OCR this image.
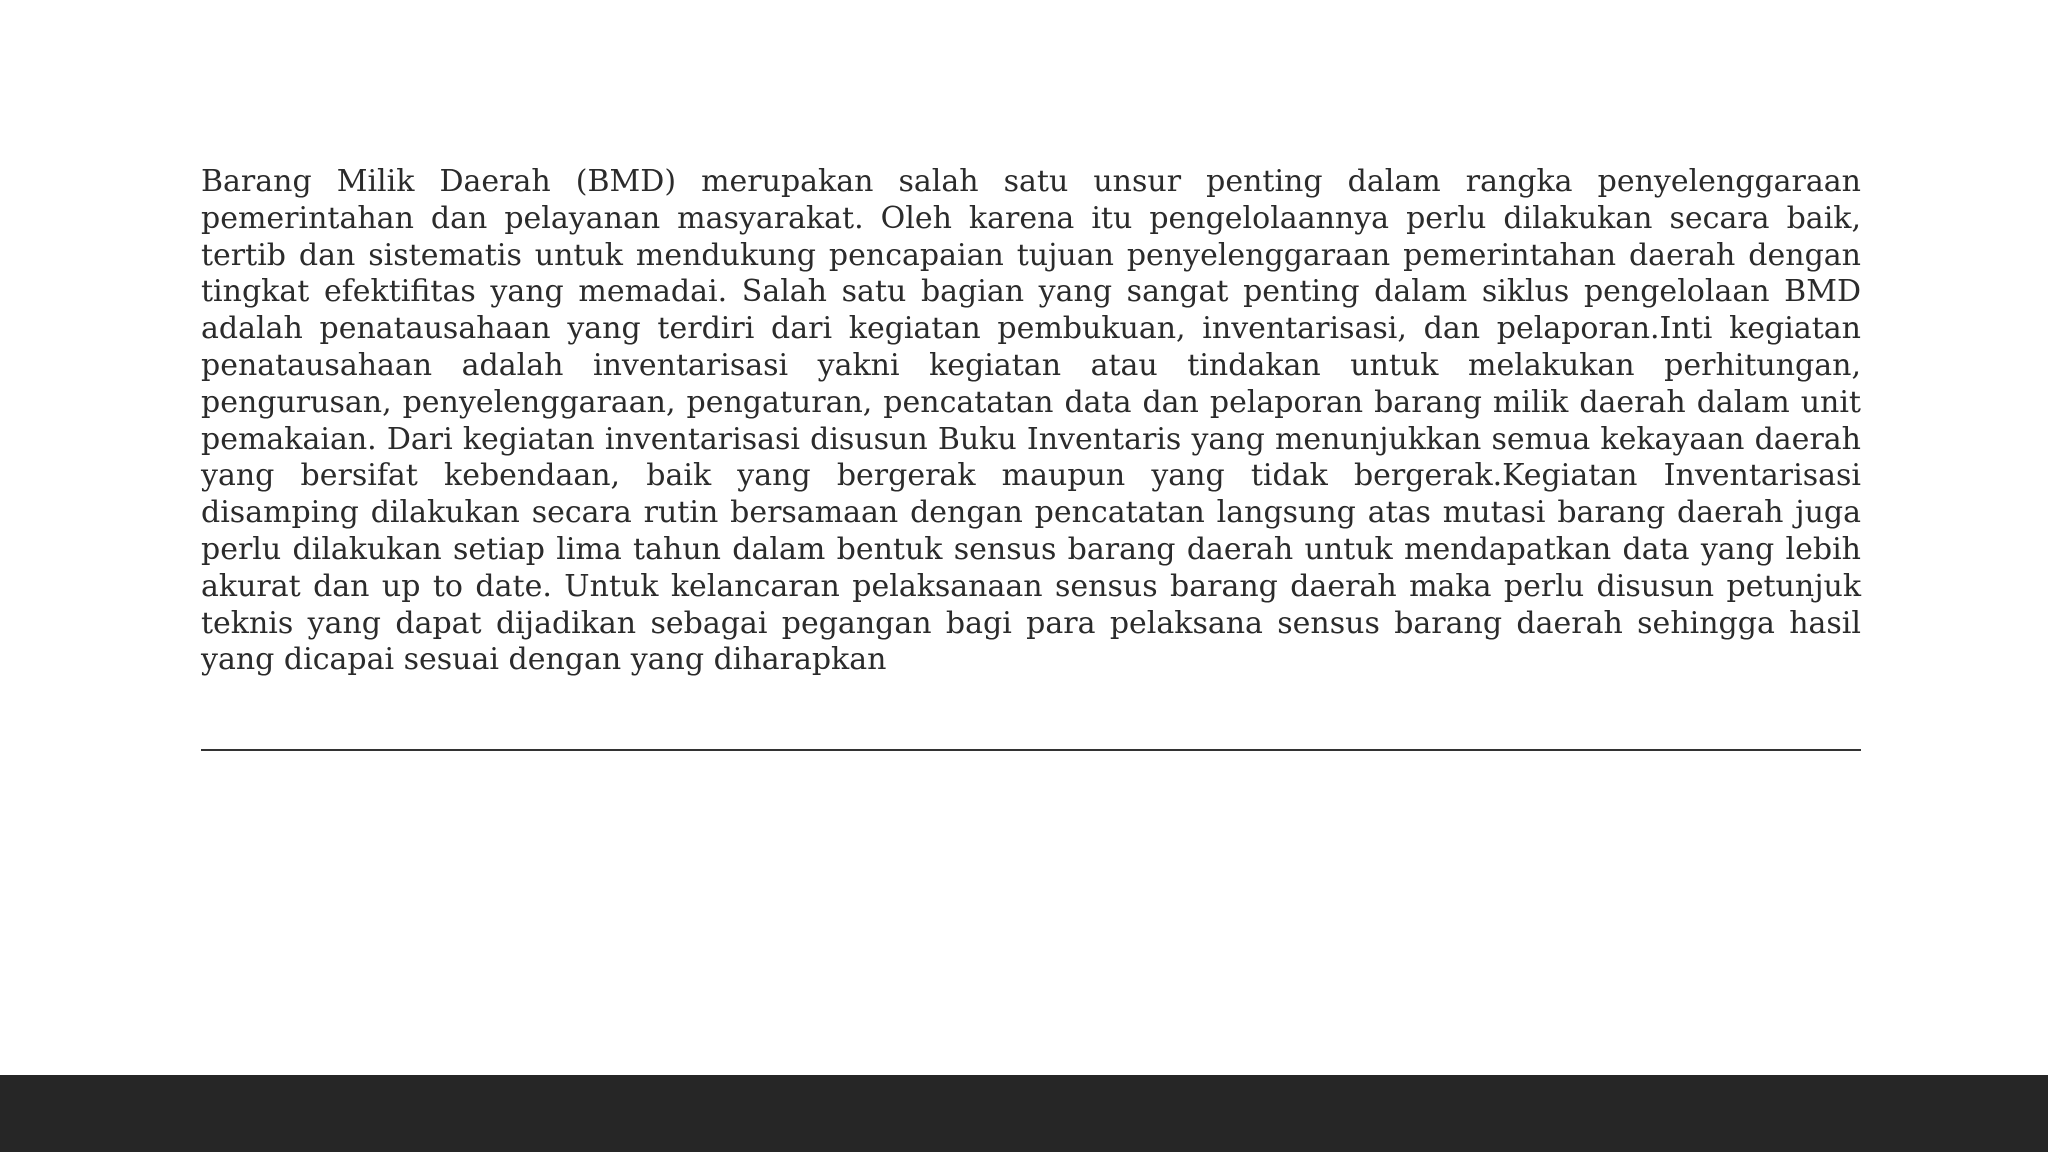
Barang Milik Daerah (BMD) merupakan salah satu unsur penting dalam rangka penyelenggaraan pemerintahan dan pelayanan masyarakat. Oleh karena itu pengelolaannya perlu dilakukan secara baik, tertib dan sistematis untuk mendukung pencapaian tujuan penyelenggaraan pemerintahan daerah dengan tingkat efektifitas yang memadai. Salah satu bagian yang sangat penting dalam siklus pengelolaan BMD adalah penatausahaan yang terdiri dari kegiatan pembukuan, inventarisasi, dan pelaporan.Inti kegiatan penatausahaan adalah inventarisasi yakni kegiatan atau tindakan untuk melakukan perhitungan, pengurusan, penyelenggaraan, pengaturan, pencatatan data dan pelaporan barang milik daerah dalam unit pemakaian. Dari kegiatan inventarisasi disusun Buku Inventaris yang menunjukkan semua kekayaan daerah yang bersifat kebendaan, baik yang bergerak maupun yang tidak bergerak.Kegiatan Inventarisasi disamping dilakukan secara rutin bersamaan dengan pencatatan langsung atas mutasi barang daerah juga perlu dilakukan setiap lima tahun dalam bentuk sensus barang daerah untuk mendapatkan data yang lebih akurat dan up to date. Untuk kelancaran pelaksanaan sensus barang daerah maka perlu disusun petunjuk teknis yang dapat dijadikan sebagai pegangan bagi para pelaksana sensus barang daerah sehingga hasil yang dicapai sesuai dengan yang diharapkan
